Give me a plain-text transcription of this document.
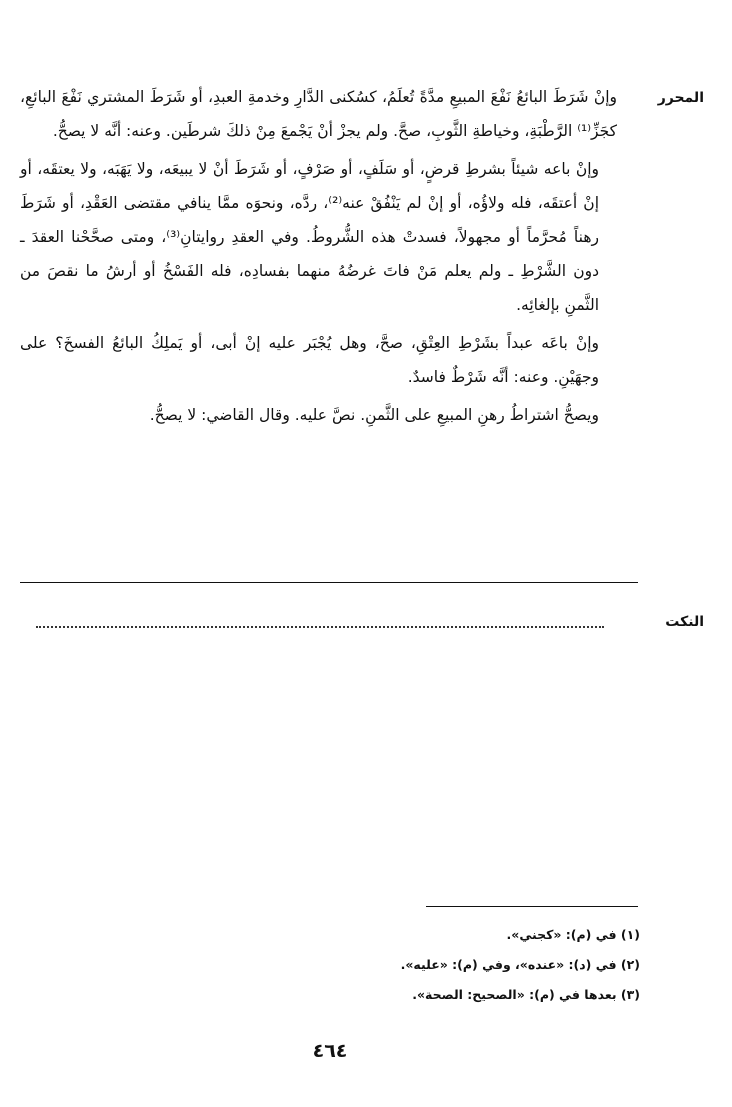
المحرر

وإنْ شَرَطَ البائعُ نَفْعَ المبيعِ مدَّةً تُعلَمُ، كسُكنى الدَّارِ وخدمةِ العبدِ، أو شَرَطَ المشتري نَفْعَ البائعِ، كجَزِّ⁽¹⁾ الرَّطْبَةِ، وخياطةِ الثَّوبِ، صحَّ. ولم يجزْ أنْ يَجْمعَ مِنْ ذلكَ شرطَين. وعنه: أنَّه لا يصحُّ.

وإنْ باعه شيئاً بشرطِ قرضٍ، أو سَلَفٍ، أو صَرْفٍ، أو شَرَطَ أنْ لا يبيعَه، ولا يَهَبَه، ولا يعتقَه، أو إنْ أعتقَه، فله ولاؤُه، أو إنْ لم يَنْفُقْ عنه⁽²⁾، ردَّه، ونحوَه ممَّا ينافي مقتضى العَقْدِ، أو شَرَطَ رهناً مُحرَّماً أو مجهولاً، فسدتْ هذه الشُّروطُ. وفي العقدِ روايتانِ⁽³⁾، ومتى صحَّحْنا العقدَ ـ دون الشَّرْطِ ـ ولم يعلم مَنْ فاتَ غرضُهُ منهما بفسادِه، فله الفَسْخُ أو أرشُ ما نقصَ من الثَّمنِ بإلغائِه.

وإنْ باعَه عبداً بشَرْطِ العِتْقِ، صحَّ، وهل يُجْبَر عليه إنْ أبى، أو يَملِكُ البائعُ الفسخَ؟ على وجهَيْنِ. وعنه: أنَّه شَرْطٌ فاسدٌ.

ويصحُّ اشتراطُ رهنِ المبيعِ على الثَّمنِ. نصَّ عليه. وقال القاضي: لا يصحُّ.

النكت
(١) في (م): «كجني».
(٢) في (د): «عنده»، وفي (م): «عليه».
(٣) بعدها في (م): «الصحيح: الصحة».
٤٦٤
